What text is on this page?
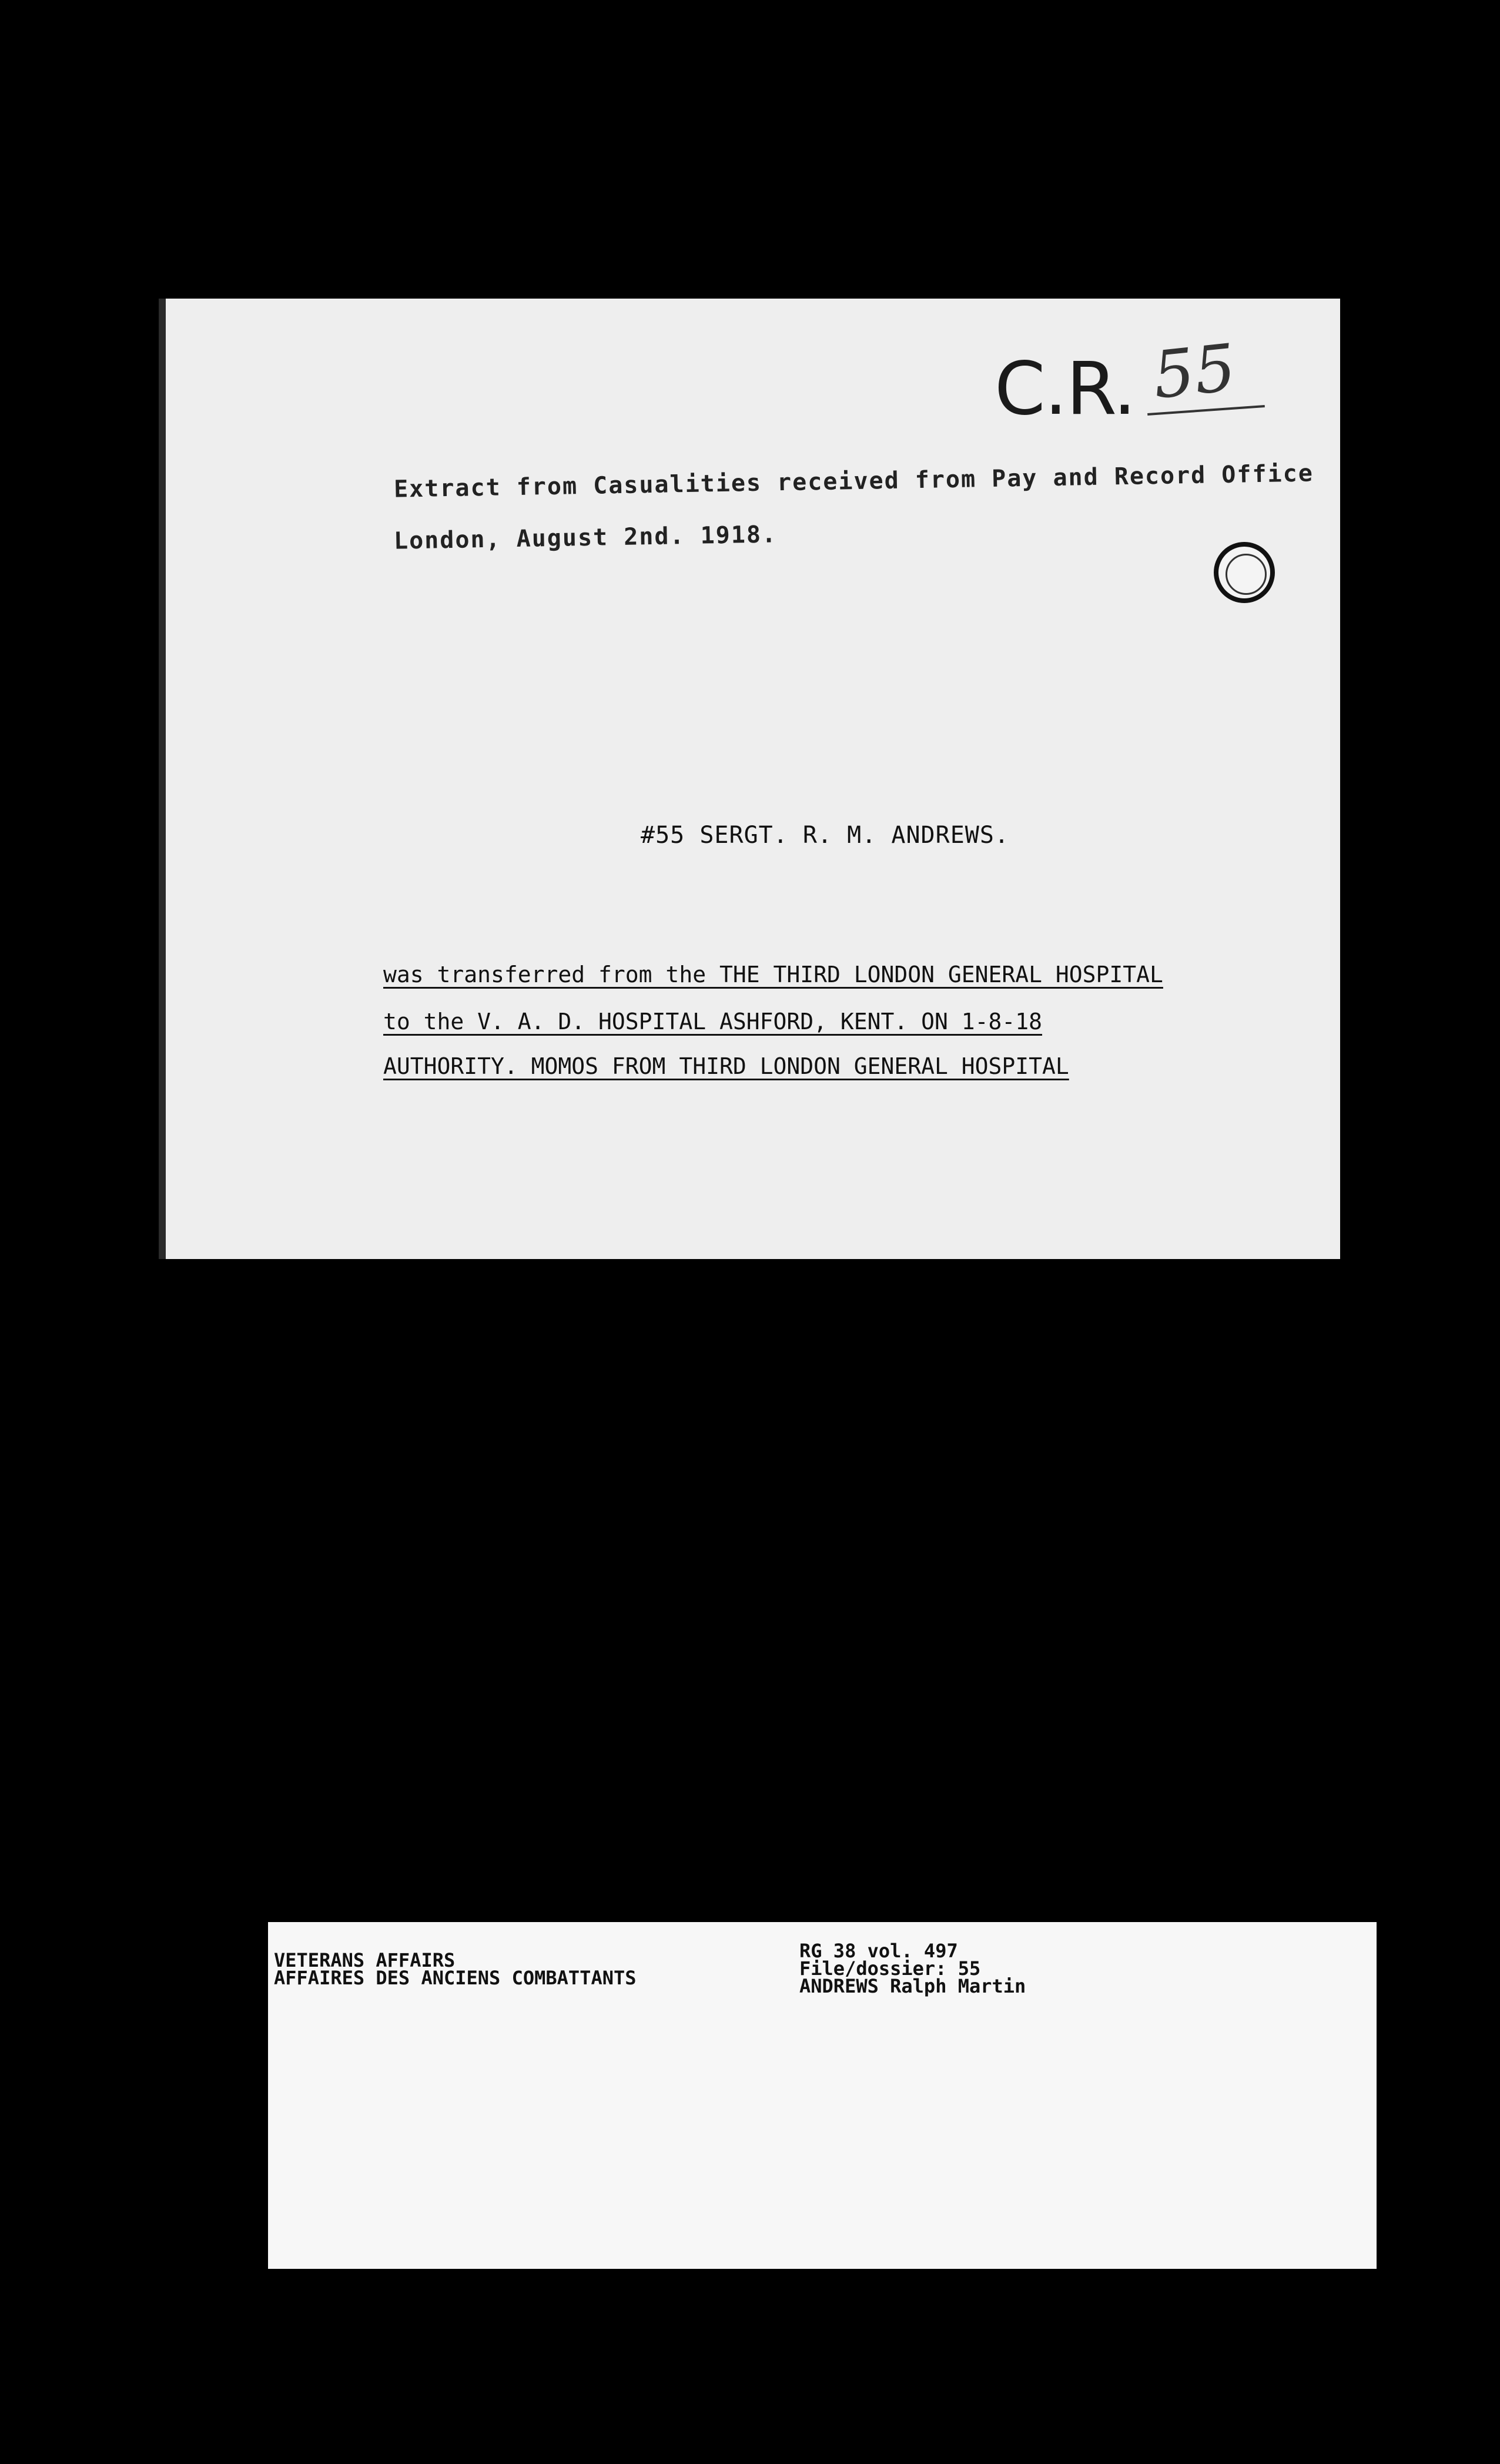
C.R. 55
Extract from Casualities received from Pay and Record Office
London, August 2nd. 1918.
#55 SERGT. R. M. ANDREWS.
was transferred from the THE THIRD LONDON GENERAL HOSPITAL
to the V. A. D. HOSPITAL ASHFORD, KENT. ON 1-8-18
AUTHORITY. MOMOS FROM THIRD LONDON GENERAL HOSPITAL
VETERANS AFFAIRS
AFFAIRES DES ANCIENS COMBATTANTS
RG 38 vol. 497
File/dossier: 55
ANDREWS Ralph Martin
